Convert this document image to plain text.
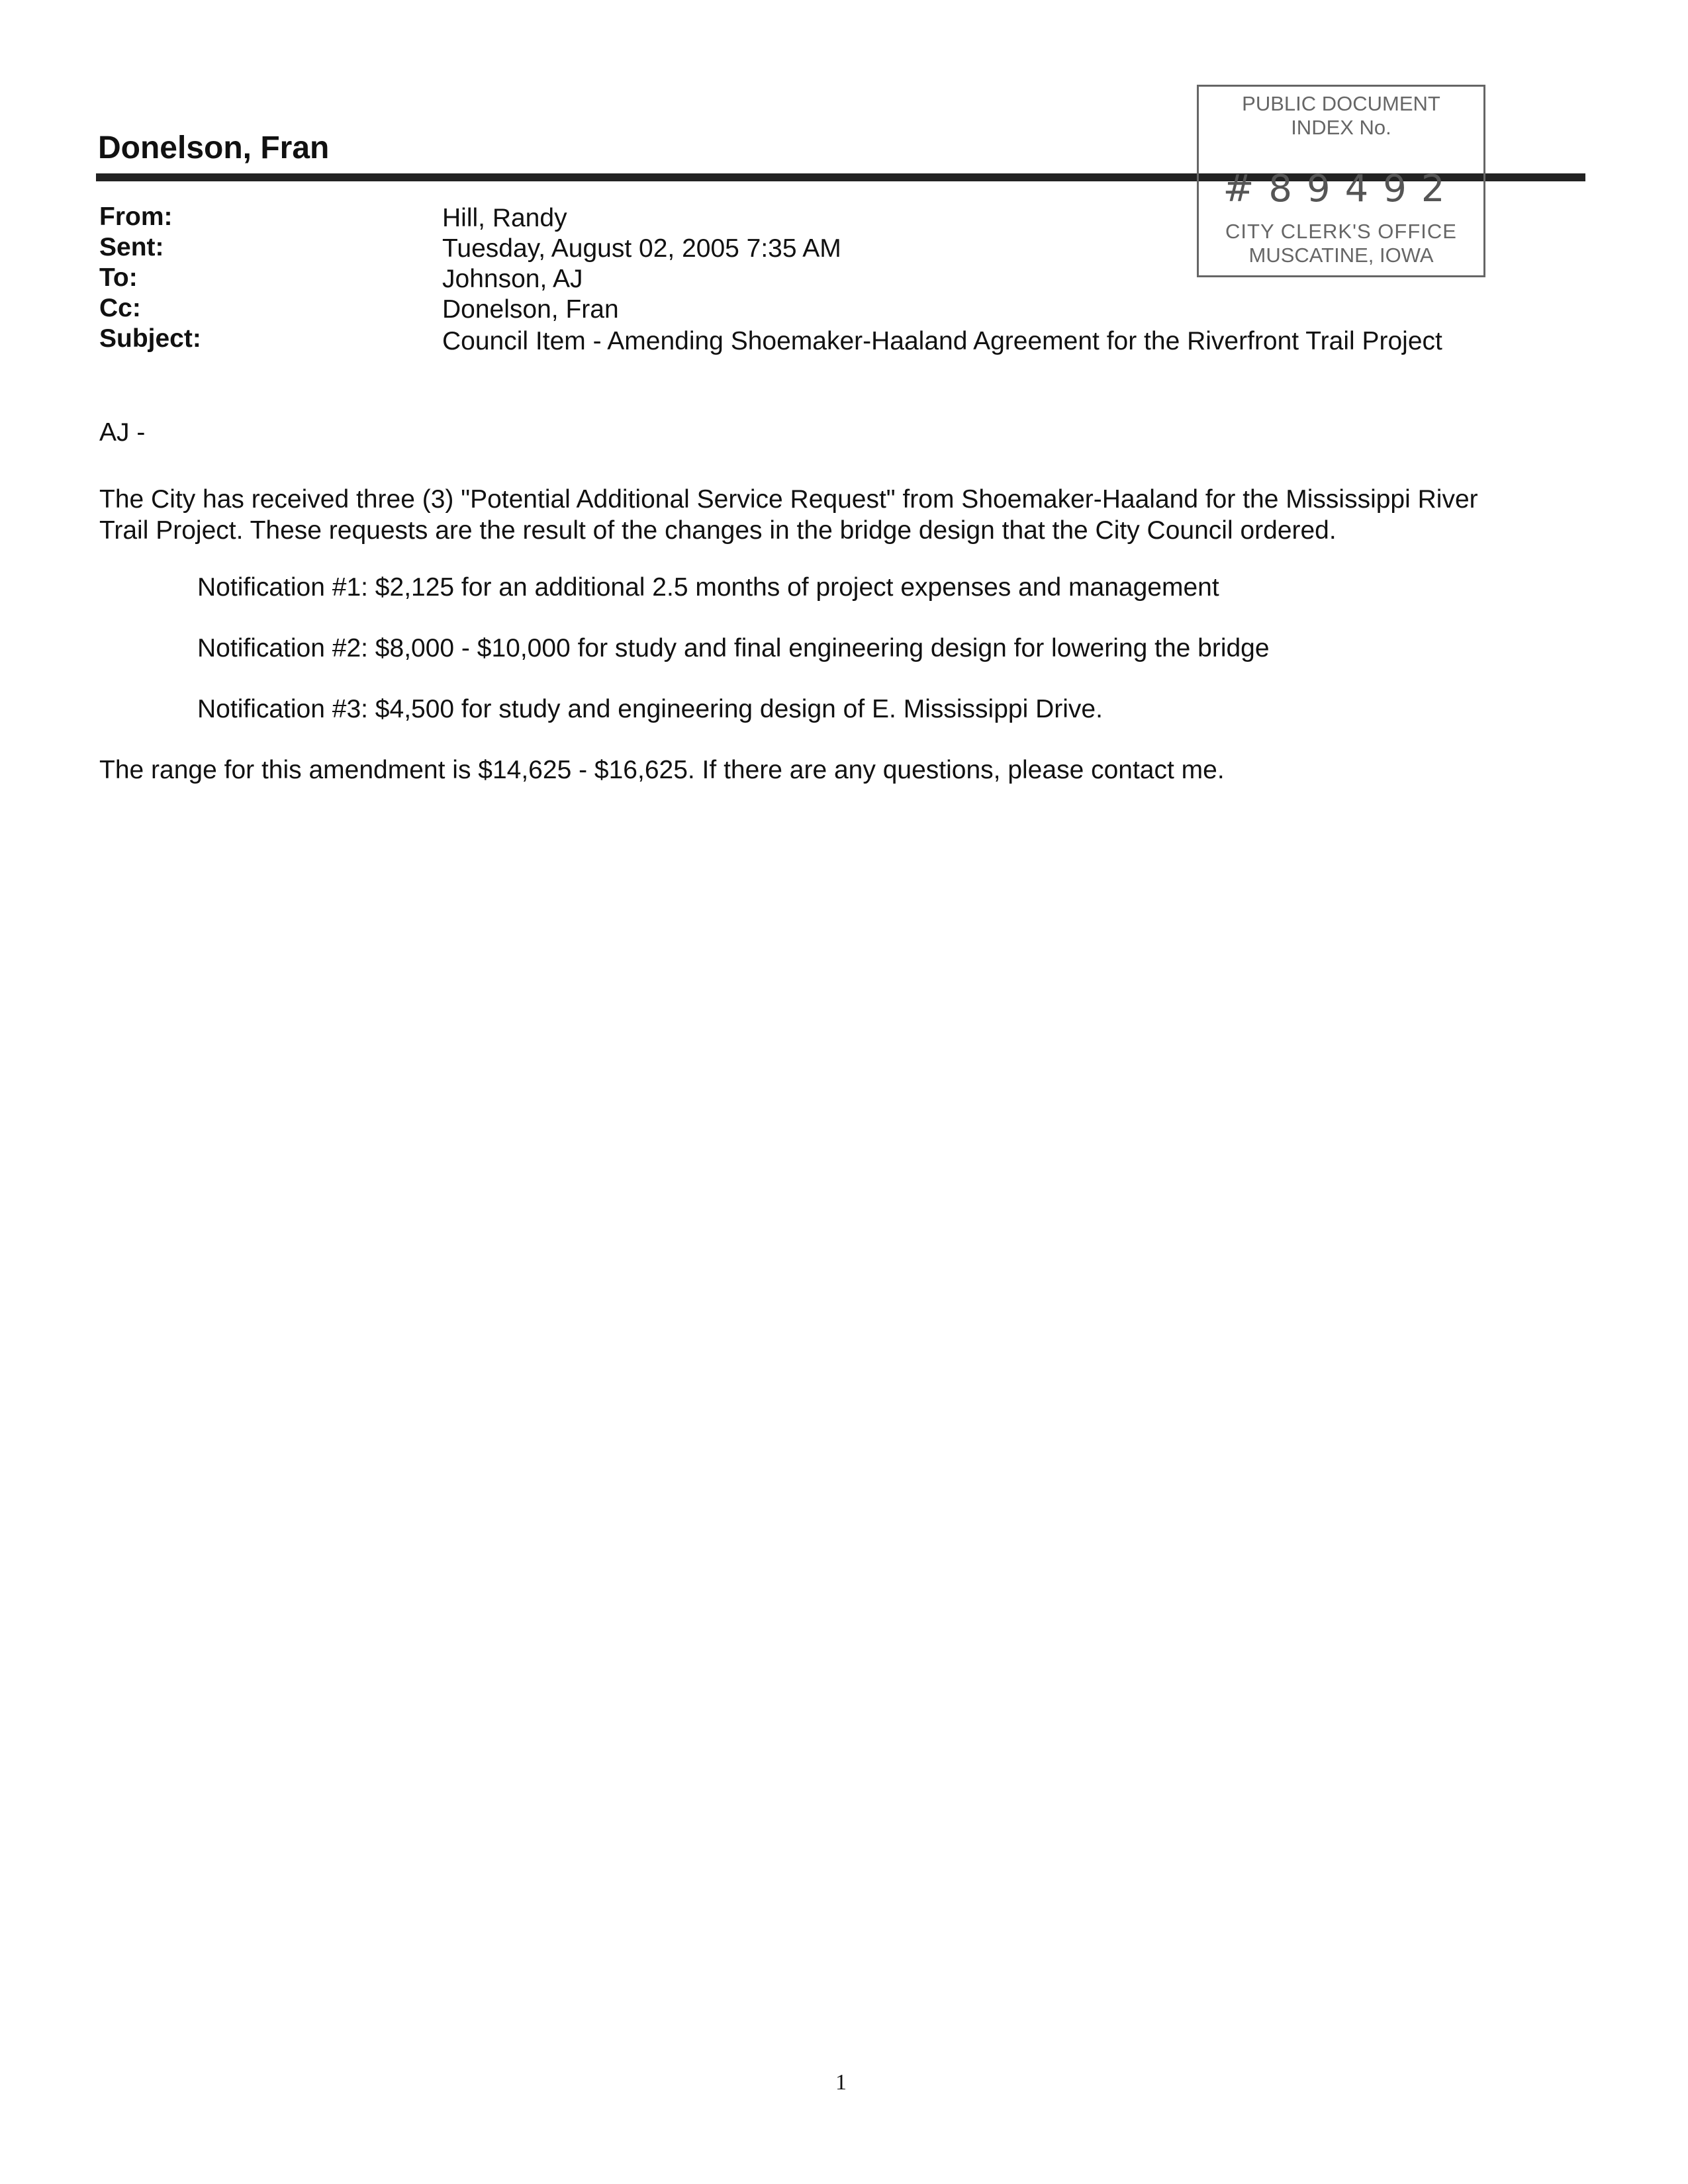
Donelson, Fran
PUBLIC DOCUMENT
INDEX No.
#89492
CITY CLERK'S OFFICE
MUSCATINE, IOWA
From:	Hill, Randy
Sent:	Tuesday, August 02, 2005 7:35 AM
To:	Johnson, AJ
Cc:	Donelson, Fran
Subject:	Council Item - Amending Shoemaker-Haaland Agreement for the Riverfront Trail Project
AJ -
The City has received three (3) "Potential Additional Service Request" from Shoemaker-Haaland for the Mississippi River
Trail Project. These requests are the result of the changes in the bridge design that the City Council ordered.
Notification #1: $2,125 for an additional 2.5 months of project expenses and management
Notification #2: $8,000 - $10,000 for study and final engineering design for lowering the bridge
Notification #3: $4,500 for study and engineering design of E. Mississippi Drive.
The range for this amendment is $14,625 - $16,625. If there are any questions, please contact me.
1
